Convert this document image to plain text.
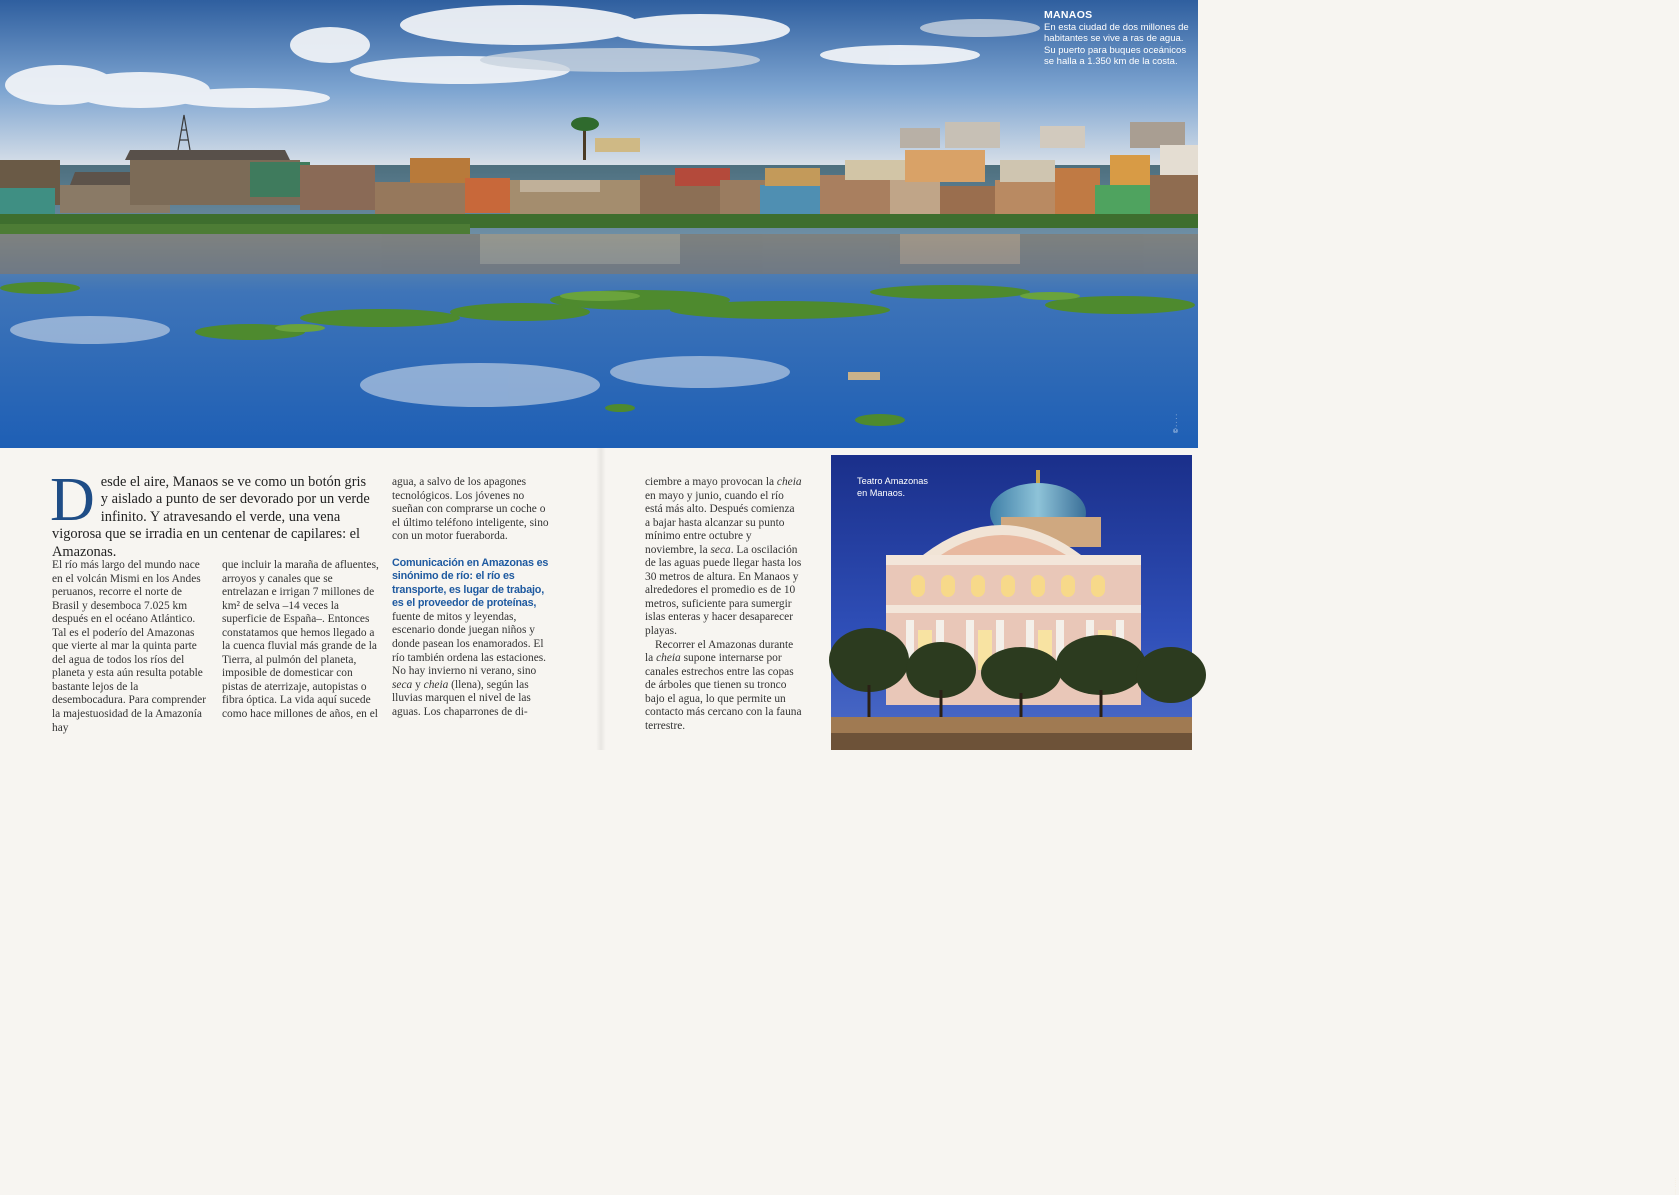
MANAOS
En esta ciudad de dos millones de habitantes se vive a ras de agua. Su puerto para buques oceánicos se halla a 1.350 km de la costa.
© · · · ·
Desde el aire, Manaos se ve como un botón gris y aislado a punto de ser devorado por un verde infinito. Y atravesando el verde, una vena vigorosa que se irradia en un centenar de capilares: el Amazonas.

El río más largo del mundo nace en el volcán Mismi en los Andes peruanos, recorre el norte de Brasil y desemboca 7.025 km después en el océano Atlántico. Tal es el poderío del Amazonas que vierte al mar la quinta parte del agua de todos los ríos del planeta y esta aún resulta potable bastante lejos de la desembocadura. Para comprender la majestuosidad de la Amazonía hay

que incluir la maraña de afluentes, arroyos y canales que se entrelazan e irrigan 7 millones de km² de selva –14 veces la superficie de España–. Entonces constatamos que hemos llegado a la cuenca fluvial más grande de la Tierra, al pulmón del planeta, imposible de domesticar con pistas de aterrizaje, autopistas o fibra óptica. La vida aquí sucede como hace millones de años, en el

agua, a salvo de los apagones tecnológicos. Los jóvenes no sueñan con comprarse un coche o el último teléfono inteligente, sino con un motor fueraborda.

Comunicación en Amazonas es sinónimo de río: el río es transporte, es lugar de trabajo, es el proveedor de proteínas, fuente de mitos y leyendas, escenario donde juegan niños y donde pasean los enamorados. El río también ordena las estaciones. No hay invierno ni verano, sino seca y cheia (llena), según las lluvias marquen el nivel de las aguas. Los chaparrones de di-

ciembre a mayo provocan la cheia en mayo y junio, cuando el río está más alto. Después comienza a bajar hasta alcanzar su punto mínimo entre octubre y noviembre, la seca. La oscilación de las aguas puede llegar hasta los 30 metros de altura. En Manaos y alrededores el promedio es de 10 metros, suficiente para sumergir islas enteras y hacer desaparecer playas.

Recorrer el Amazonas durante la cheia supone internarse por canales estrechos entre las copas de árboles que tienen su tronco bajo el agua, lo que permite un contacto más cercano con la fauna terrestre.

··· ·····
Teatro Amazonas
en Manaos.
